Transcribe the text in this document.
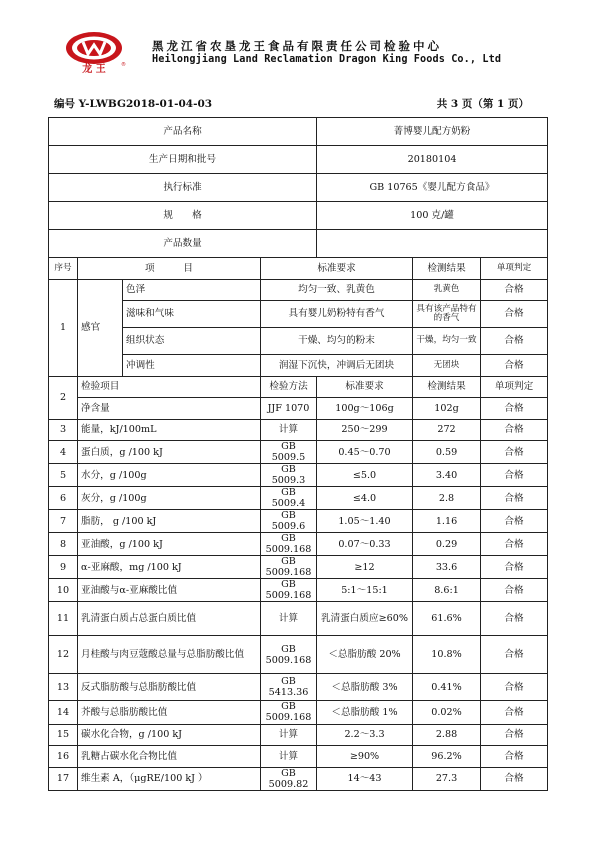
龙 王	®
黑龙江省农垦龙王食品有限责任公司检验中心
Heilongjiang Land Reclamation Dragon King Foods Co., Ltd
编号 Y-LWBG2018-01-04-03	共 3 页（第 1 页）
产品名称				菁博婴儿配方奶粉		
生产日期和批号				20180104		
执行标准				GB 10765《婴儿配方食品》		
规　　格				100 克/罐		
产品数量						
序号	项　　　目		标准要求		检测结果	单项判定
1	感官	色泽	均匀一致、乳黄色		乳黄色	合格
		滋味和气味	具有婴儿奶粉特有香气		具有该产品特有的香气	合格
		组织状态	干燥、均匀的粉末		干燥，均匀一致	合格
		冲调性	润湿下沉快，冲调后无团块		无团块	合格
2	检验项目		检验方法	标准要求	检测结果	单项判定
	净含量		JJF 1070	100g～106g	102g	合格
3	能量，kJ/100mL		计算	250～299	272	合格
4	蛋白质，g /100 kJ		GB 5009.5	0.45～0.70	0.59	合格
5	水分，g /100g		GB 5009.3	≤5.0	3.40	合格
6	灰分，g /100g		GB 5009.4	≤4.0	2.8	合格
7	脂肪， g /100 kJ		GB 5009.6	1.05～1.40	1.16	合格
8	亚油酸，g /100 kJ		GB 5009.168	0.07～0.33	0.29	合格
9	α-亚麻酸，mg /100 kJ		GB 5009.168	≥12	33.6	合格
10	亚油酸与α-亚麻酸比值		GB 5009.168	5:1～15:1	8.6:1	合格
11	乳清蛋白质占总蛋白质比值		计算	乳清蛋白质应≥60%	61.6%	合格
12	月桂酸与肉豆蔻酸总量与总脂肪酸比值		GB 5009.168	＜总脂肪酸 20%	10.8%	合格
13	反式脂肪酸与总脂肪酸比值		GB 5413.36	＜总脂肪酸 3%	0.41%	合格
14	芥酸与总脂肪酸比值		GB 5009.168	＜总脂肪酸 1%	0.02%	合格
15	碳水化合物，g /100 kJ		计算	2.2～3.3	2.88	合格
16	乳糖占碳水化合物比值		计算	≥90%	96.2%	合格
17	维生素 A，（μgRE/100 kJ ）		GB 5009.82	14～43	27.3	合格
